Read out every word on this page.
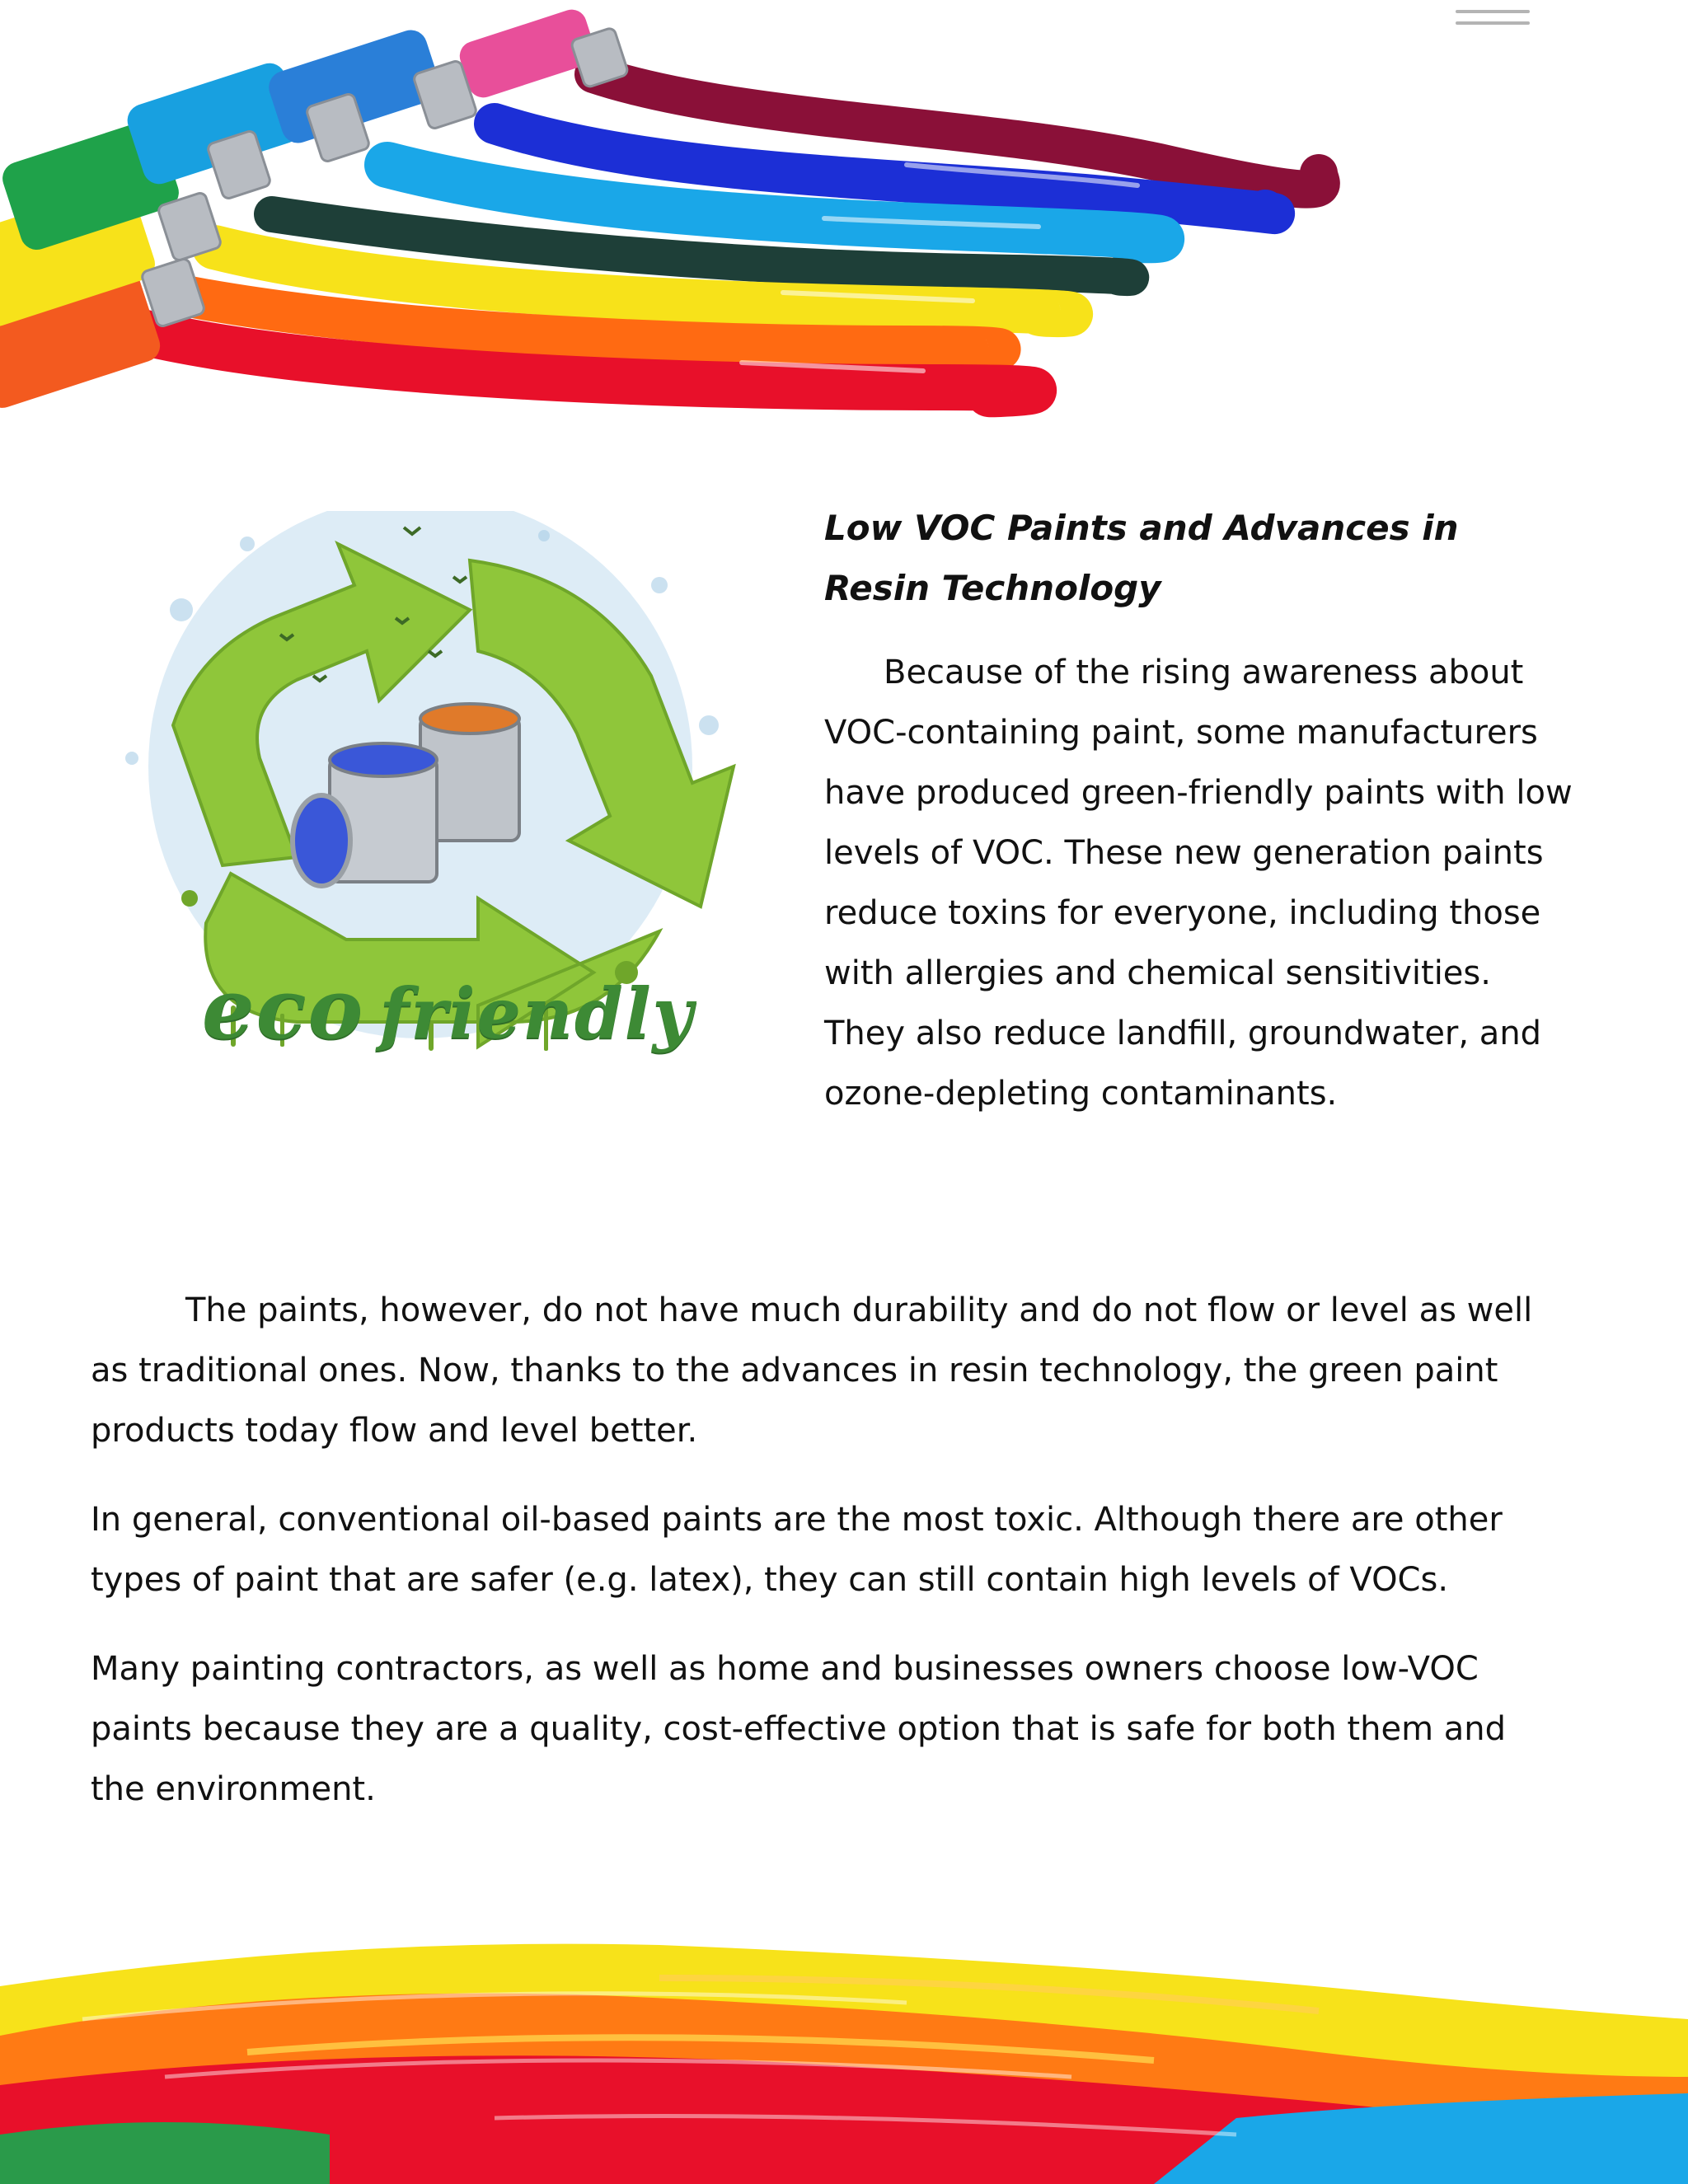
eco friendly
Low VOC Paints and Advances in Resin Technology

Because of the rising awareness about VOC-containing paint, some manufacturers have produced green-friendly paints with low levels of VOC. These new generation paints reduce toxins for everyone, including those with allergies and chemical sensitivities. They also reduce landfill, groundwater, and ozone-depleting contaminants.

The paints, however, do not have much durability and do not flow or level as well as traditional ones. Now, thanks to the advances in resin technology, the green paint products today flow and level better.

In general, conventional oil-based paints are the most toxic. Although there are other types of paint that are safer (e.g. latex), they can still contain high levels of VOCs.

Many painting contractors, as well as home and businesses owners choose low-VOC paints because they are a quality, cost-effective option that is safe for both them and the environment.
